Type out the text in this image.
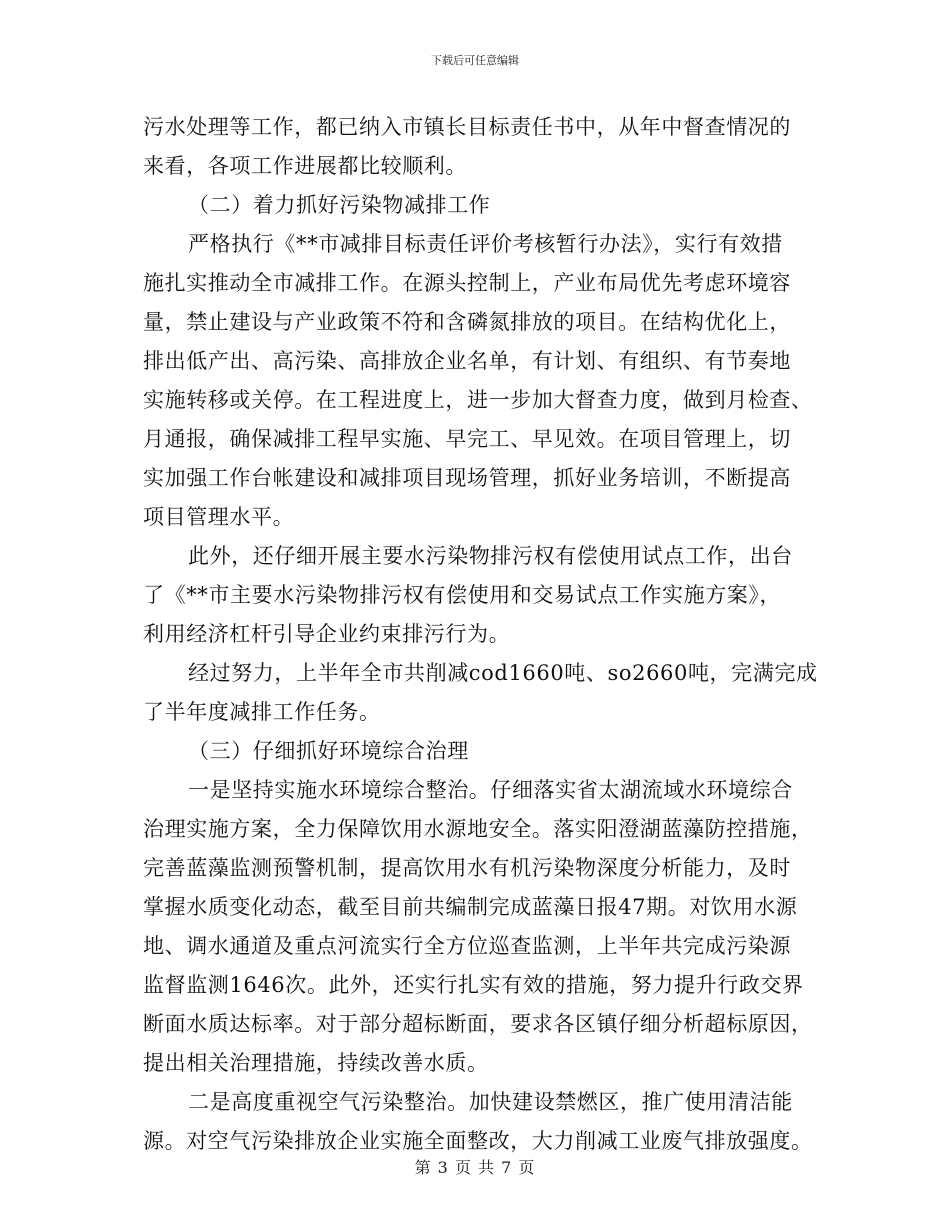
下载后可任意编辑
污水处理等工作，都已纳入市镇长目标责任书中，从年中督查情况的
来看，各项工作进展都比较顺利。
（二）着力抓好污染物减排工作
严格执行《**市减排目标责任评价考核暂行办法》，实行有效措
施扎实推动全市减排工作。在源头控制上，产业布局优先考虑环境容
量，禁止建设与产业政策不符和含磷氮排放的项目。在结构优化上，
排出低产出、高污染、高排放企业名单，有计划、有组织、有节奏地
实施转移或关停。在工程进度上，进一步加大督查力度，做到月检查、
月通报，确保减排工程早实施、早完工、早见效。在项目管理上，切
实加强工作台帐建设和减排项目现场管理，抓好业务培训，不断提高
项目管理水平。
此外，还仔细开展主要水污染物排污权有偿使用试点工作，出台
了《**市主要水污染物排污权有偿使用和交易试点工作实施方案》，
利用经济杠杆引导企业约束排污行为。
经过努力，上半年全市共削减cod1660吨、so2660吨，完满完成
了半年度减排工作任务。
（三）仔细抓好环境综合治理
一是坚持实施水环境综合整治。仔细落实省太湖流域水环境综合
治理实施方案，全力保障饮用水源地安全。落实阳澄湖蓝藻防控措施，
完善蓝藻监测预警机制，提高饮用水有机污染物深度分析能力，及时
掌握水质变化动态，截至目前共编制完成蓝藻日报47期。对饮用水源
地、调水通道及重点河流实行全方位巡查监测，上半年共完成污染源
监督监测1646次。此外，还实行扎实有效的措施，努力提升行政交界
断面水质达标率。对于部分超标断面，要求各区镇仔细分析超标原因，
提出相关治理措施，持续改善水质。
二是高度重视空气污染整治。加快建设禁燃区，推广使用清洁能
源。对空气污染排放企业实施全面整改，大力削减工业废气排放强度。
第 3 页 共 7 页
